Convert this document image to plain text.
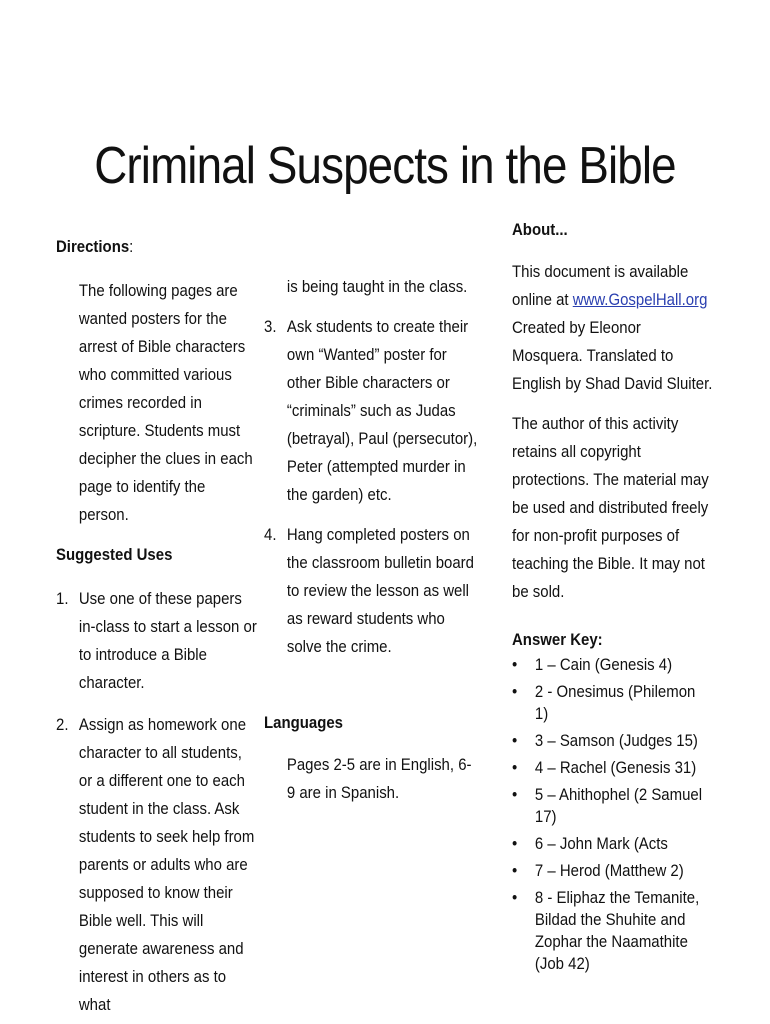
Criminal Suspects in the Bible

Directions:

The following pages are wanted posters for the arrest of Bible characters who committed various crimes recorded in scripture. Students must decipher the clues in each page to identify the person.

Suggested Uses

1. Use one of these papers in-class to start a lesson or to introduce a Bible character.
2. Assign as homework one character to all students, or a different one to each student in the class. Ask students to seek help from parents or adults who are supposed to know their Bible well. This will generate awareness and interest in others as to what

is being taught in the class.

3. Ask students to create their own “Wanted” poster for other Bible characters or “criminals” such as Judas (betrayal), Paul (persecutor), Peter (attempted murder in the garden) etc.
4. Hang completed posters on the classroom bulletin board to review the lesson as well as reward students who solve the crime.

Languages

Pages 2-5 are in English, 6-9 are in Spanish.

About...

This document is available online at www.GospelHall.org Created by Eleonor Mosquera. Translated to English by Shad David Sluiter.

The author of this activity retains all copyright protections. The material may be used and distributed freely for non-profit purposes of teaching the Bible. It may not be sold.

Answer Key:

•	1 – Cain (Genesis 4)
•	2 - Onesimus (Philemon 1)
•	3 – Samson (Judges 15)
•	4 – Rachel (Genesis 31)
•	5 – Ahithophel (2 Samuel 17)
•	6 – John Mark (Acts
•	7 – Herod (Matthew 2)
•	8 - Eliphaz the Temanite, Bildad the Shuhite and Zophar the Naamathite (Job 42)
